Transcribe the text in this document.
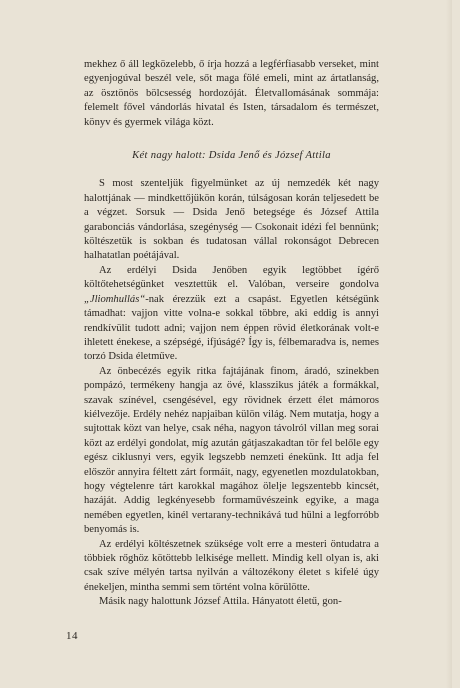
mekhez ő áll legközelebb, ő írja hozzá a legférfiasabb verseket, mint egyenjogúval beszél vele, sőt maga fölé emeli, mint az ártatlanság, az ösztönös bölcsesség hordozóját. Életvallomásának sommája: felemelt fővel vándorlás hivatal és Isten, társadalom és természet, könyv és gyermek világa közt.

Két nagy halott: Dsida Jenő és József Attila

S most szenteljük figyelmünket az új nemzedék két nagy halottjának — mindkettőjükön korán, túlságosan korán teljesedett be a végzet. Sorsuk — Dsida Jenő betegsége és József Attila garabonciás vándorlása, szegénység — Csokonait idézi fel bennünk; költészetük is sokban és tudatosan vállal rokonságot Debrecen halhatatlan poétájával.

Az erdélyi Dsida Jenőben egyik legtöbbet ígérő költőtehetségünket vesztettük el. Valóban, verseire gondolva „Jliomhullás“-nak érezzük ezt a csapást. Egyetlen kétségünk támadhat: vajjon vitte volna-e sokkal többre, aki eddig is annyi rendkívülit tudott adni; vajjon nem éppen rövid életkorának volt-e ihletett énekese, a szépségé, ifjúságé? Így is, félbemaradva is, nemes torzó Dsida életműve.

Az önbecézés egyik ritka fajtájának finom, áradó, szinekben pompázó, termékeny hangja az övé, klasszikus játék a formákkal, szavak színével, csengésével, egy rövidnek érzett élet mámoros kiélvezője. Erdély nehéz napjaiban külön világ. Nem mutatja, hogy a sujtottak közt van helye, csak néha, nagyon távolról villan meg sorai közt az erdélyi gondolat, míg azután gátjaszakadtan tör fel belőle egy egész ciklusnyi vers, egyik legszebb nemzeti énekünk. Itt adja fel először annyira féltett zárt formáit, nagy, egyenetlen mozdulatokban, hogy végtelenre tárt karokkal magához ölelje legszentebb kincsét, hazáját. Addig legkényesebb formaművészeink egyike, a maga nemében egyetlen, kinél vertarany-technikává tud hülni a legforróbb benyomás is.

Az erdélyi költészetnek szüksége volt erre a mesteri öntudatra a többiek rőghöz kötöttebb lelkisége mellett. Mindig kell olyan is, aki csak szíve mélyén tartsa nyilván a változékony életet s kifelé úgy énekeljen, mintha semmi sem történt volna körülötte.

Másik nagy halottunk József Attila. Hányatott életű, gon-

14
